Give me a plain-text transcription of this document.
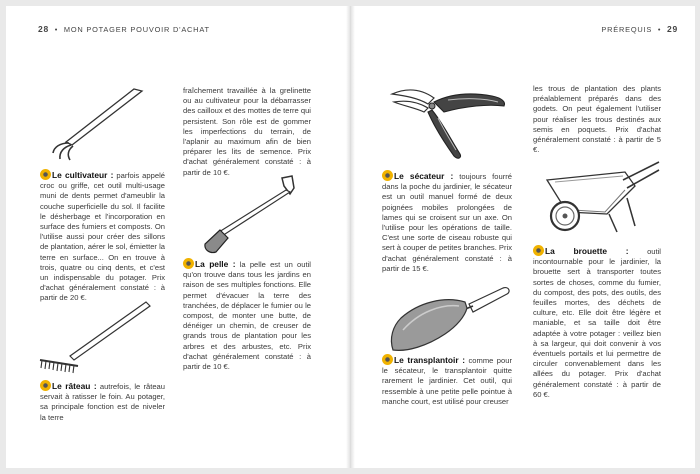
28 • MON POTAGER POUVOIR D'ACHAT	PRÉREQUIS • 29

Le cultivateur : parfois appelé croc ou griffe, cet outil multi-usage muni de dents permet d'ameublir la couche superficielle du sol. Il facilite le désherbage et l'incorporation en surface des fumiers et composts. On l'utilise aussi pour créer des sillons de plantation, aérer le sol, émietter la terre en surface... On en trouve à trois, quatre ou cinq dents, et c'est un indispensable du potager. Prix d'achat généralement constaté : à partir de 20 €.

Le râteau : autrefois, le râteau servait à ratisser le foin. Au potager, sa principale fonction est de niveler la terre

fraîchement travaillée à la grelinette ou au cultivateur pour la débarrasser des cailloux et des mottes de terre qui persistent. Son rôle est de gommer les imperfections du terrain, de l'aplanir au maximum afin de bien préparer les lits de semence. Prix d'achat généralement constaté : à partir de 10 €.

La pelle : la pelle est un outil qu'on trouve dans tous les jardins en raison de ses multiples fonctions. Elle permet d'évacuer la terre des tranchées, de déplacer le fumier ou le compost, de monter une butte, de dénéiger un chemin, de creuser de grands trous de plantation pour les arbres et des arbustes, etc. Prix d'achat généralement constaté : à partir de 10 €.

Le sécateur : toujours fourré dans la poche du jardinier, le sécateur est un outil manuel formé de deux poignées mobiles prolongées de lames qui se croisent sur un axe. On l'utilise pour les opérations de taille. C'est une sorte de ciseau robuste qui sert à couper de petites branches. Prix d'achat généralement constaté : à partir de 15 €.

Le transplantoir : comme pour le sécateur, le transplantoir quitte rarement le jardinier. Cet outil, qui ressemble à une petite pelle pointue à manche court, est utilisé pour creuser

les trous de plantation des plants préalablement préparés dans des godets. On peut également l'utiliser pour réaliser les trous destinés aux semis en poquets. Prix d'achat généralement constaté : à partir de 5 €.

La brouette : outil incontournable pour le jardinier, la brouette sert à transporter toutes sortes de choses, comme du fumier, du compost, des pots, des outils, des feuilles mortes, des déchets de culture, etc. Elle doit être légère et maniable, et sa taille doit être adaptée à votre potager : veillez bien à sa largeur, qui doit convenir à vos éventuels portails et lui permettre de circuler convenablement dans les allées du potager. Prix d'achat généralement constaté : à partir de 60 €.
